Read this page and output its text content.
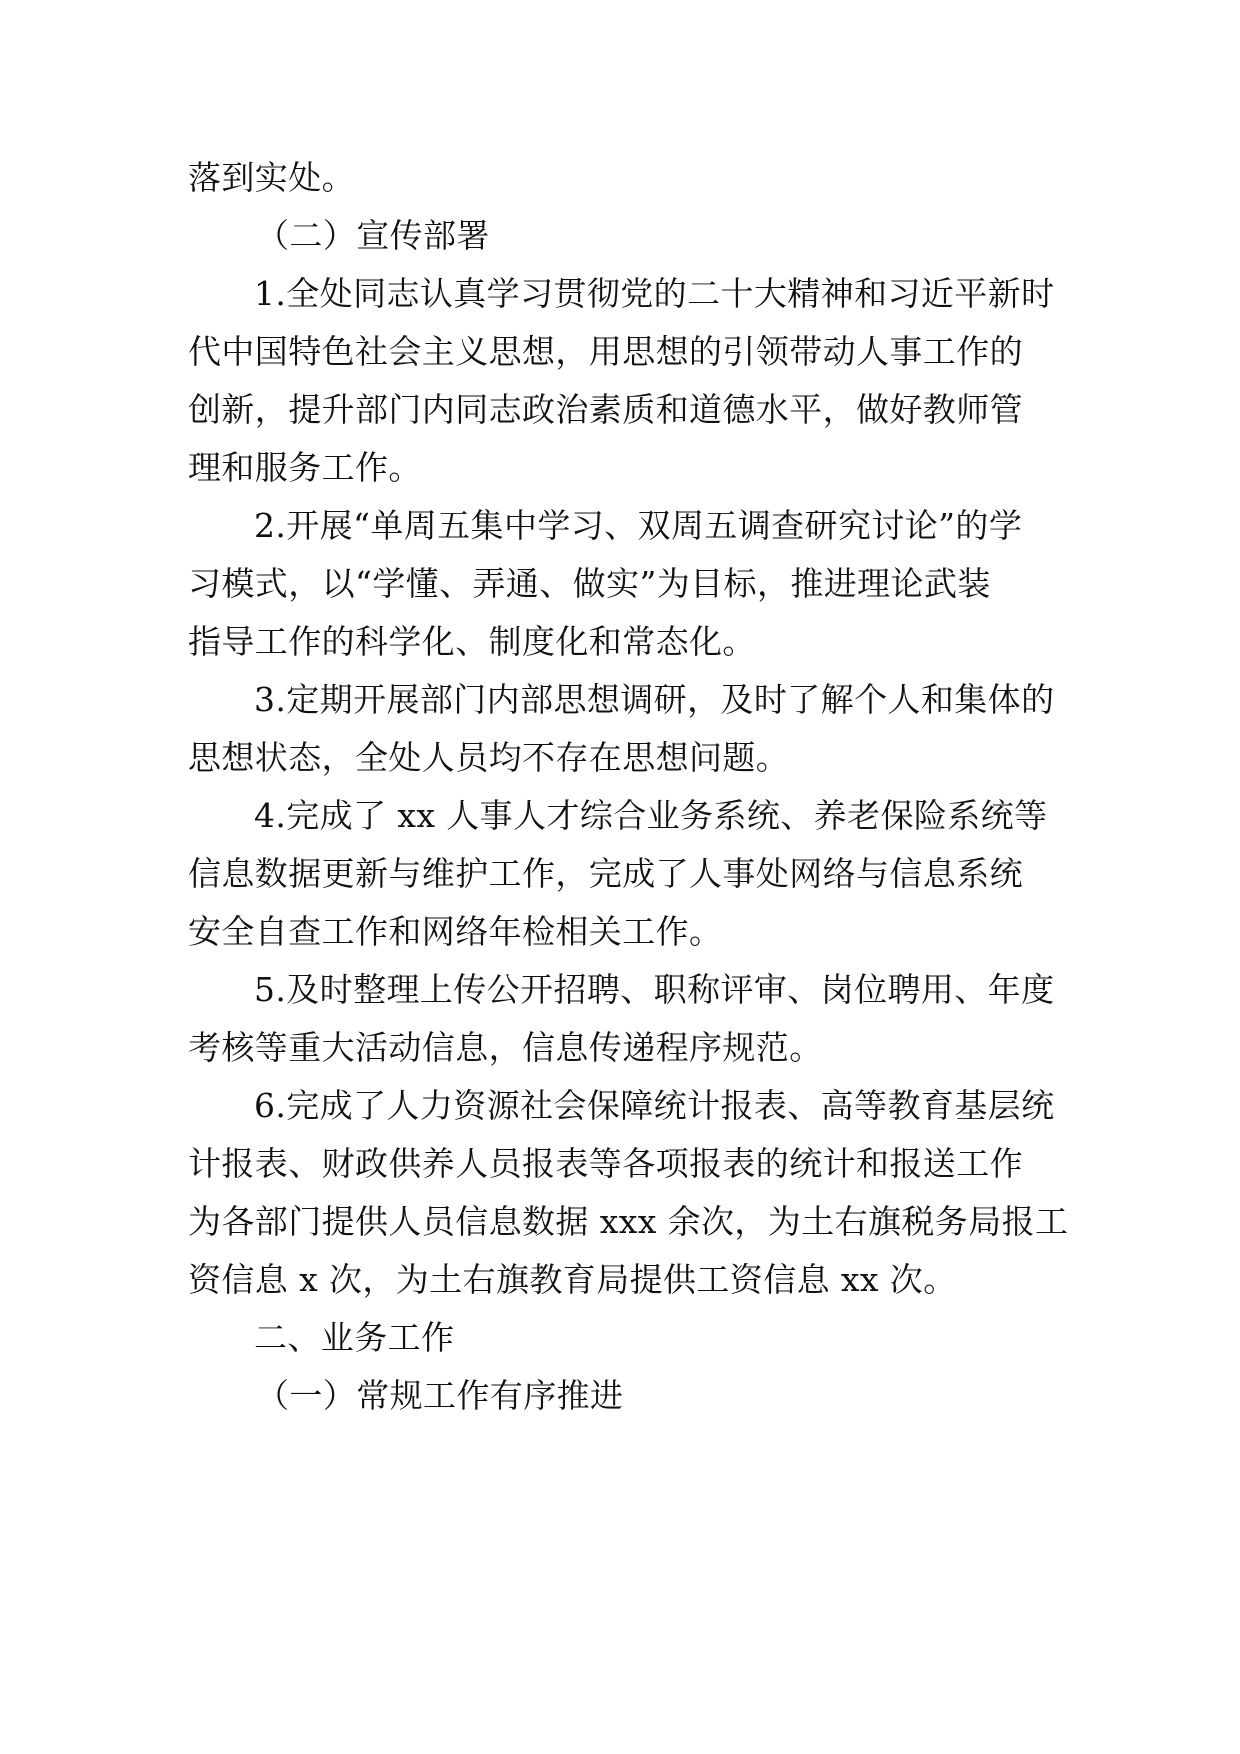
落到实处。
（二）宣传部署
1.全处同志认真学习贯彻党的二十大精神和习近平新时
代中国特色社会主义思想，用思想的引领带动人事工作的
创新，提升部门内同志政治素质和道德水平，做好教师管
理和服务工作。
2.开展“单周五集中学习、双周五调查研究讨论”的学
习模式，以“学懂、弄通、做实”为目标，推进理论武装
指导工作的科学化、制度化和常态化。
3.定期开展部门内部思想调研，及时了解个人和集体的
思想状态，全处人员均不存在思想问题。
4.完成了 xx 人事人才综合业务系统、养老保险系统等
信息数据更新与维护工作，完成了人事处网络与信息系统
安全自查工作和网络年检相关工作。
5.及时整理上传公开招聘、职称评审、岗位聘用、年度
考核等重大活动信息，信息传递程序规范。
6.完成了人力资源社会保障统计报表、高等教育基层统
计报表、财政供养人员报表等各项报表的统计和报送工作
为各部门提供人员信息数据 xxx 余次，为土右旗税务局报工
资信息 x 次，为土右旗教育局提供工资信息 xx 次。
二、业务工作
（一）常规工作有序推进
